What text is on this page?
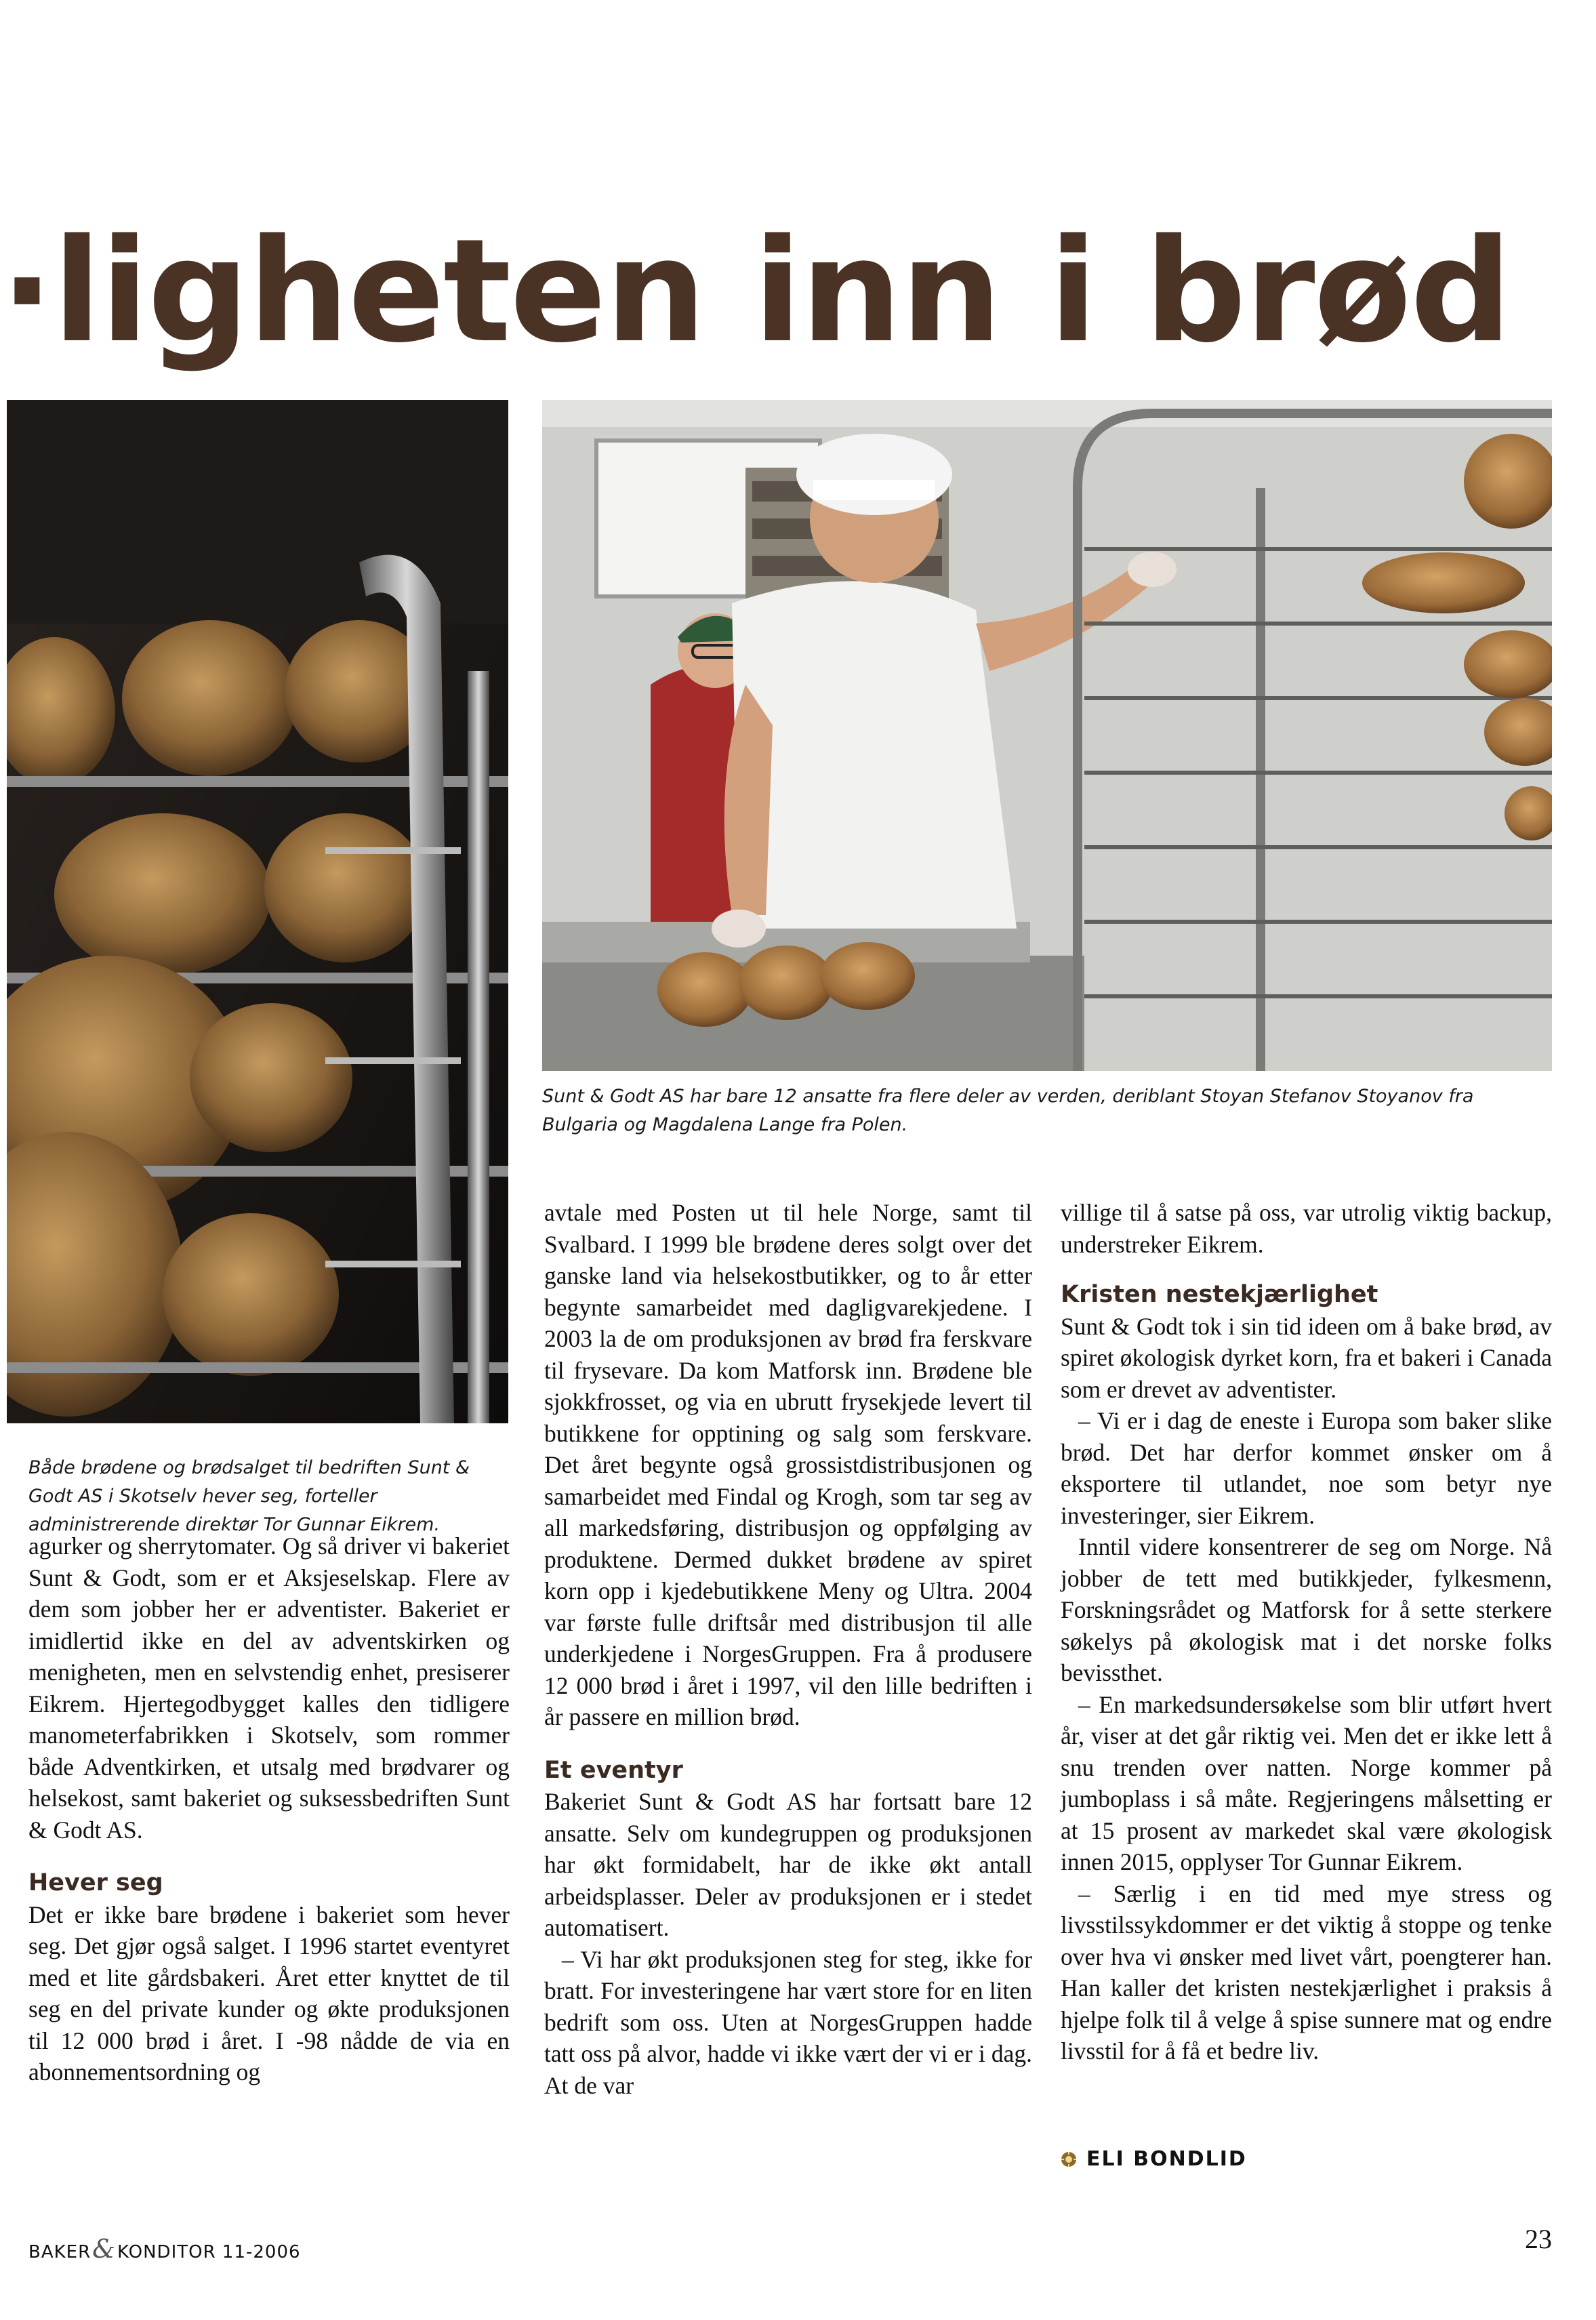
·ligheten inn i brød

Sunt & Godt AS har bare 12 ansatte fra flere deler av verden, deriblant Stoyan Stefanov Stoyanov fra Bulgaria og Magdalena Lange fra Polen.

Både brødene og brødsalget til bedriften Sunt & Godt AS i Skotselv hever seg, forteller administrerende direktør Tor Gunnar Eikrem.

agurker og sherrytomater. Og så driver vi bakeriet Sunt & Godt, som er et Aksjeselskap. Flere av dem som jobber her er adventister. Bakeriet er imidlertid ikke en del av adventskirken og menigheten, men en selvstendig enhet, presiserer Eikrem. Hjertegodbygget kalles den tidligere manometerfabrikken i Skotselv, som rommer både Adventkirken, et utsalg med brødvarer og helsekost, samt bakeriet og suksessbedriften Sunt & Godt AS.

Hever seg

Det er ikke bare brødene i bakeriet som hever seg. Det gjør også salget. I 1996 startet eventyret med et lite gårdsbakeri. Året etter knyttet de til seg en del private kunder og økte produksjonen til 12 000 brød i året. I -98 nådde de via en abonnementsordning og

avtale med Posten ut til hele Norge, samt til Svalbard. I 1999 ble brødene deres solgt over det ganske land via helsekostbutikker, og to år etter begynte samarbeidet med dagligvarekjedene. I 2003 la de om produksjonen av brød fra ferskvare til frysevare. Da kom Matforsk inn. Brødene ble sjokkfrosset, og via en ubrutt frysekjede levert til butikkene for opptining og salg som ferskvare. Det året begynte også grossistdistribusjonen og samarbeidet med Findal og Krogh, som tar seg av all markedsføring, distribusjon og oppfølging av produktene. Dermed dukket brødene av spiret korn opp i kjedebutikkene Meny og Ultra. 2004 var første fulle driftsår med distribusjon til alle underkjedene i NorgesGruppen. Fra å produsere 12 000 brød i året i 1997, vil den lille bedriften i år passere en million brød.

Et eventyr

Bakeriet Sunt & Godt AS har fortsatt bare 12 ansatte. Selv om kundegruppen og produksjonen har økt formidabelt, har de ikke økt antall arbeidsplasser. Deler av produksjonen er i stedet automatisert.

– Vi har økt produksjonen steg for steg, ikke for bratt. For investeringene har vært store for en liten bedrift som oss. Uten at NorgesGruppen hadde tatt oss på alvor, hadde vi ikke vært der vi er i dag. At de var

villige til å satse på oss, var utrolig viktig backup, understreker Eikrem.

Kristen nestekjærlighet

Sunt & Godt tok i sin tid ideen om å bake brød, av spiret økologisk dyrket korn, fra et bakeri i Canada som er drevet av adventister.

– Vi er i dag de eneste i Europa som baker slike brød. Det har derfor kommet ønsker om å eksportere til utlandet, noe som betyr nye investeringer, sier Eikrem.

Inntil videre konsentrerer de seg om Norge. Nå jobber de tett med butikkjeder, fylkesmenn, Forskningsrådet og Matforsk for å sette sterkere søkelys på økologisk mat i det norske folks bevissthet.

– En markedsundersøkelse som blir utført hvert år, viser at det går riktig vei. Men det er ikke lett å snu trenden over natten. Norge kommer på jumboplass i så måte. Regjeringens målsetting er at 15 prosent av markedet skal være økologisk innen 2015, opplyser Tor Gunnar Eikrem.

– Særlig i en tid med mye stress og livsstilssykdommer er det viktig å stoppe og tenke over hva vi ønsker med livet vårt, poengterer han. Han kaller det kristen nestekjærlighet i praksis å hjelpe folk til å velge å spise sunnere mat og endre livsstil for å få et bedre liv.

ELI BONDLID
BAKER&KONDITOR 11-2006	23
